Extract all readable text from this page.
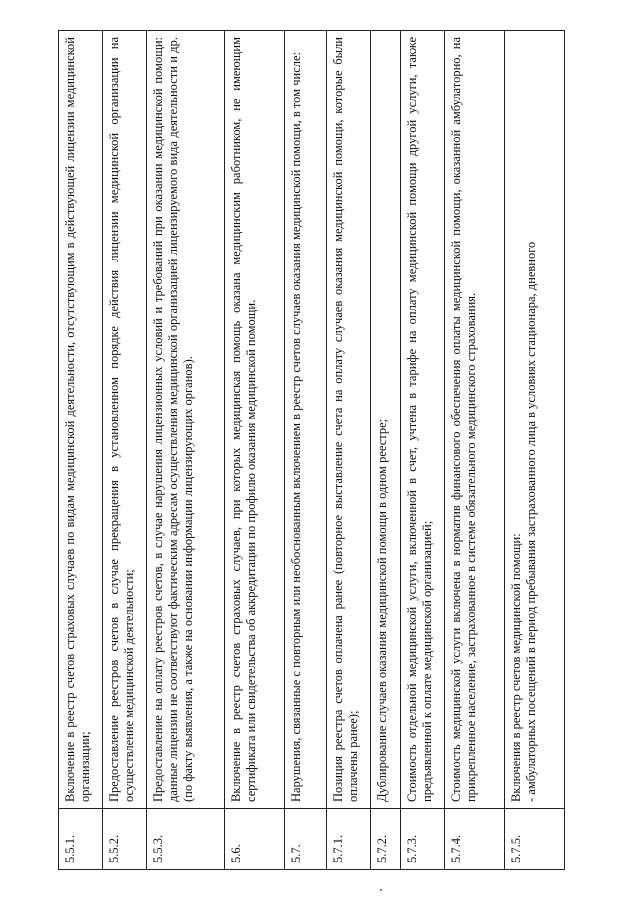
5.5.1.	Включение в реестр счетов страховых случаев по видам медицинской деятельности, отсутствующим в действующей лицензии медицинской организации;
5.5.2.	Предоставление реестров счетов в случае прекращения в установленном порядке действия лицензии медицинской организации на осуществление медицинской деятельности;
5.5.3.	Предоставление на оплату реестров счетов, в случае нарушения лицензионных условий и требований при оказании медицинской помощи: данные лицензии не соответствуют фактическим адресам осуществления медицинской организацией лицензируемого вида деятельности и др. (по факту выявления, а также на основании информации лицензирующих органов).
5.6.	Включение в реестр счетов страховых случаев, при которых медицинская помощь оказана медицинским работником, не имеющим сертификата или свидетельства об аккредитации по профилю оказания медицинской помощи.
5.7.	Нарушения, связанные с повторным или необоснованным включением в реестр счетов случаев оказания медицинской помощи, в том числе:
5.7.1.	Позиция реестра счетов оплачена ранее (повторное выставление счета на оплату случаев оказания медицинской помощи, которые были оплачены ранее);
5.7.2.	Дублирование случаев оказания медицинской помощи в одном реестре;
5.7.3.	Стоимость отдельной медицинской услуги, включенной в счет, учтена в тарифе на оплату медицинской помощи другой услуги, также предъявленной к оплате медицинской организацией;
5.7.4.	Стоимость медицинской услуги включена в норматив финансового обеспечения оплаты медицинской помощи, оказанной амбулаторно, на прикрепленное население, застрахованное в системе обязательного медицинского страхования.
5.7.5.	Включения в реестр счетов медицинской помощи:
- амбулаторных посещений в период пребывания застрахованного лица в условиях стационара, дневного
